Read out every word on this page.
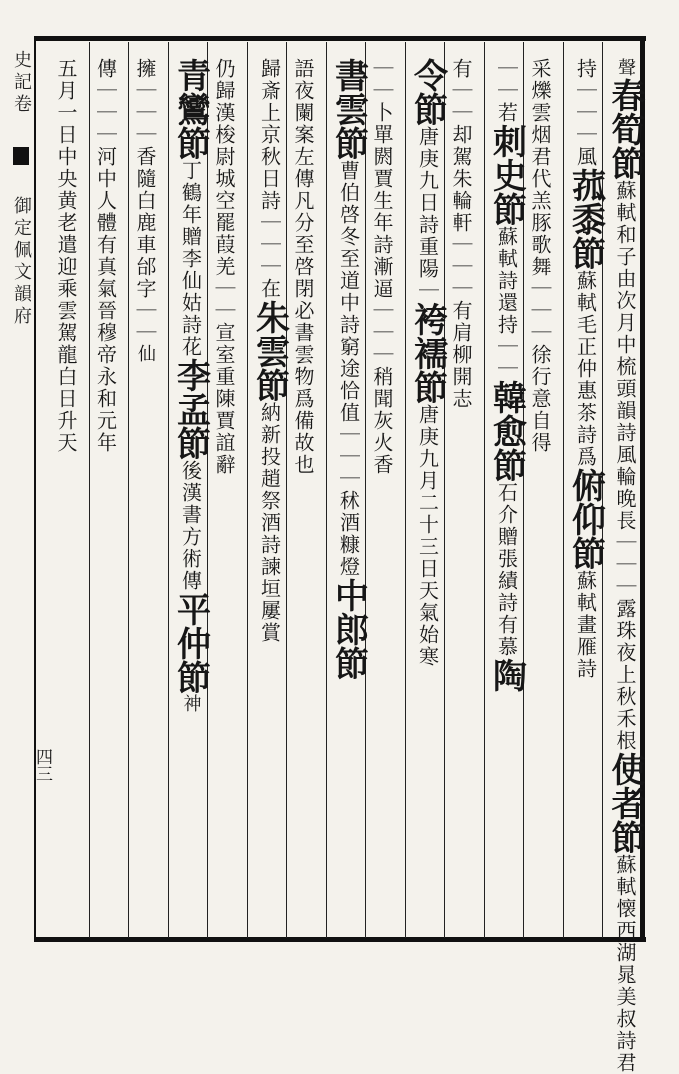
史記卷  御定佩文韻府
四三
聲春筍節蘇軾和子由次月中梳頭韻詩風輪晚長｜｜｜露珠夜上秋禾根使者節蘇軾懐西湖晁美叔詩君
持｜｜｜風菰黍節蘇軾毛正仲惠茶詩爲俯仰節蘇軾畫雁詩
采爍雲烟君代羔豚歌舞｜｜｜徐行意自得
｜｜若刺史節蘇軾詩還持｜｜韓愈節石介贈張績詩有慕陶
有｜｜却駕朱輪軒｜｜｜有肩柳開志
令節唐庚九日詩重陽｜袴襦節唐庚九月二十三日天氣始寒
｜｜卜單閼賈生年詩漸逼｜｜｜稍聞灰火香
書雲節曹伯啓冬至道中詩窮途恰值｜｜｜秫酒糠燈中郎節
語夜闌案左傳凡分至啓閉必書雲物爲備故也
歸斎上京秋日詩｜｜｜在朱雲節納新投趙祭酒詩諫垣屢賞
仍歸漢梭尉城空罷葭羌｜｜宣室重陳賈誼辭
青鸞節丁鶴年贈李仙姑詩花李孟節後漢書方術傳平仲節神
擁｜｜｜香隨白鹿車邰字｜｜仙
傳｜｜｜河中人體有真氣晉穆帝永和元年
五月一日中央黄老遣迎乘雲駕龍白日升天
